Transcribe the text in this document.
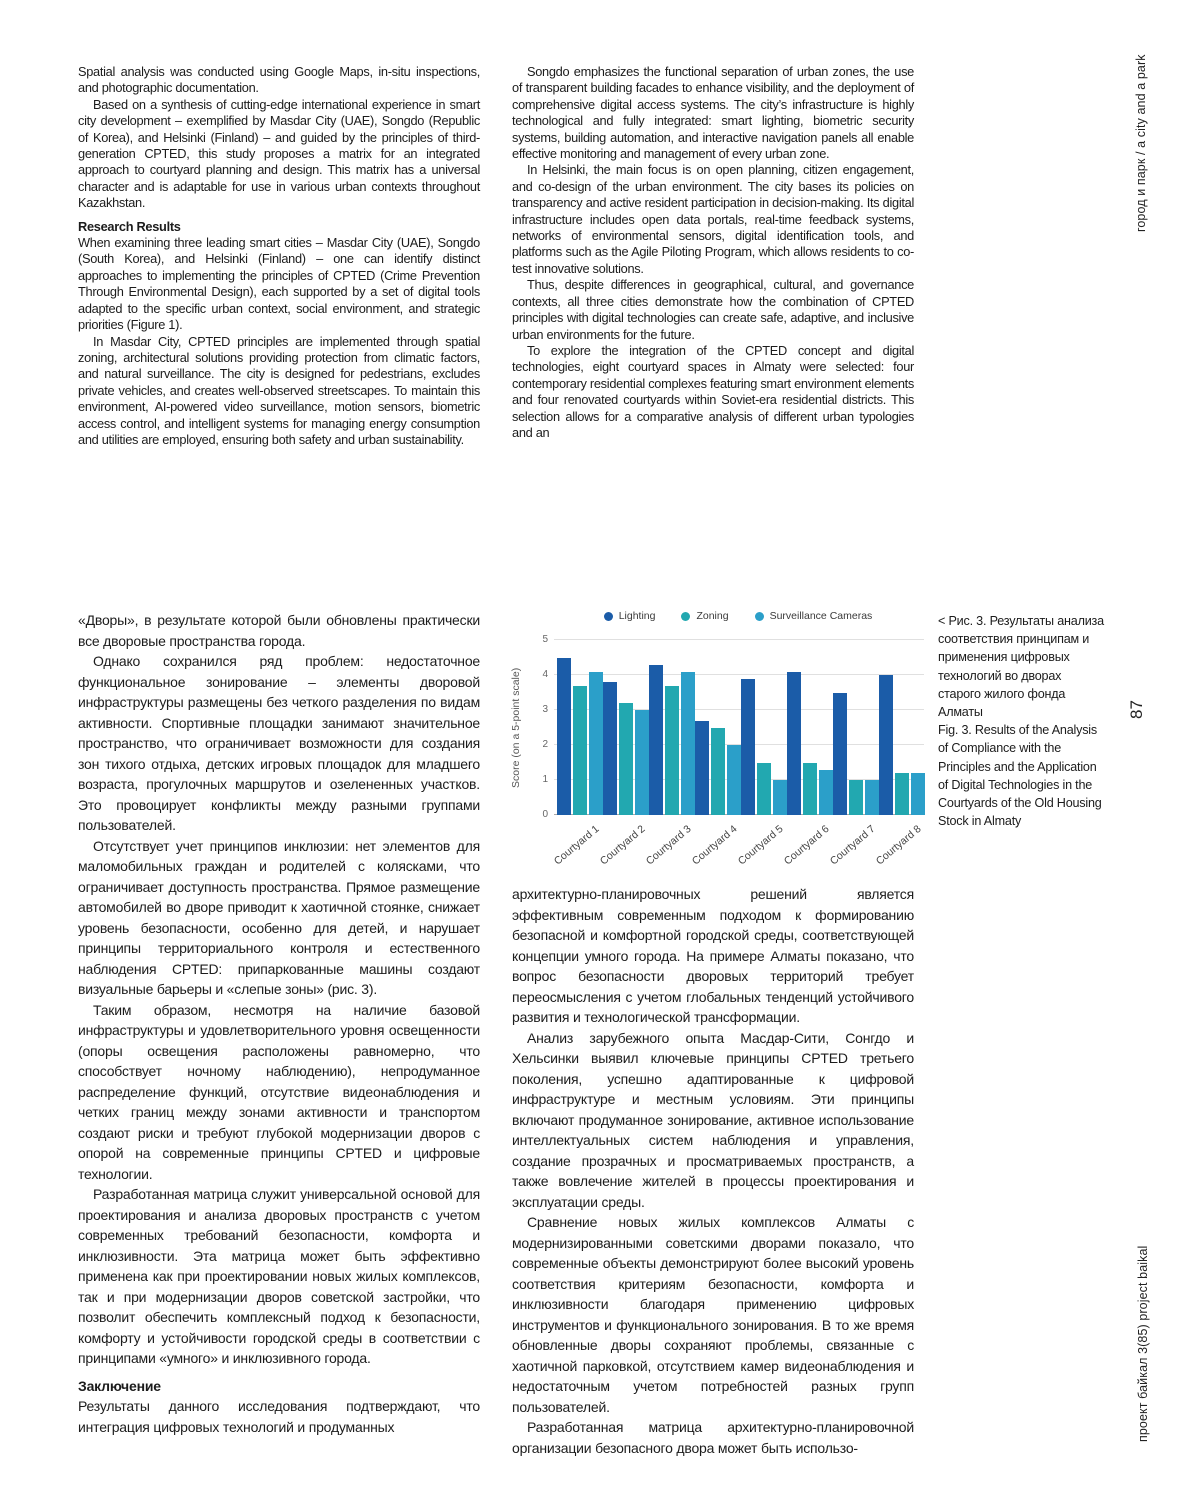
Spatial analysis was conducted using Google Maps, in-situ inspections, and photographic documentation.

Based on a synthesis of cutting-edge international experience in smart city development – exemplified by Masdar City (UAE), Songdo (Republic of Korea), and Helsinki (Finland) – and guided by the principles of third-generation CPTED, this study proposes a matrix for an integrated approach to courtyard planning and design. This matrix has a universal character and is adaptable for use in various urban contexts throughout Kazakhstan.

Research Results

When examining three leading smart cities – Masdar City (UAE), Songdo (South Korea), and Helsinki (Finland) – one can identify distinct approaches to implementing the principles of CPTED (Crime Prevention Through Environmental Design), each supported by a set of digital tools adapted to the specific urban context, social environment, and strategic priorities (Figure 1).

In Masdar City, CPTED principles are implemented through spatial zoning, architectural solutions providing protection from climatic factors, and natural surveillance. The city is designed for pedestrians, excludes private vehicles, and creates well-observed streetscapes. To maintain this environment, AI-powered video surveillance, motion sensors, biometric access control, and intelligent systems for managing energy consumption and utilities are employed, ensuring both safety and urban sustainability.

Songdo emphasizes the functional separation of urban zones, the use of transparent building facades to enhance visibility, and the deployment of comprehensive digital access systems. The city’s infrastructure is highly technological and fully integrated: smart lighting, biometric security systems, building automation, and interactive navigation panels all enable effective monitoring and management of every urban zone.

In Helsinki, the main focus is on open planning, citizen engagement, and co-design of the urban environment. The city bases its policies on transparency and active resident participation in decision-making. Its digital infrastructure includes open data portals, real-time feedback systems, networks of environmental sensors, digital identification tools, and platforms such as the Agile Piloting Program, which allows residents to co-test innovative solutions.

Thus, despite differences in geographical, cultural, and governance contexts, all three cities demonstrate how the combination of CPTED principles with digital technologies can create safe, adaptive, and inclusive urban environments for the future.

To explore the integration of the CPTED concept and digital technologies, eight courtyard spaces in Almaty were selected: four contemporary residential complexes featuring smart environment elements and four renovated courtyards within Soviet-era residential districts. This selection allows for a comparative analysis of different urban typologies and an

«Дворы», в результате которой были обновлены практически все дворовые пространства города.

Однако сохранился ряд проблем: недостаточное функциональное зонирование – элементы дворовой инфраструктуры размещены без четкого разделения по видам активности. Спортивные площадки занимают значительное пространство, что ограничивает возможности для создания зон тихого отдыха, детских игровых площадок для младшего возраста, прогулочных маршрутов и озелененных участков. Это провоцирует конфликты между разными группами пользователей.

Отсутствует учет принципов инклюзии: нет элементов для маломобильных граждан и родителей с колясками, что ограничивает доступность пространства. Прямое размещение автомобилей во дворе приводит к хаотичной стоянке, снижает уровень безопасности, особенно для детей, и нарушает принципы территориального контроля и естественного наблюдения CPTED: припаркованные машины создают визуальные барьеры и «слепые зоны» (рис. 3).

Таким образом, несмотря на наличие базовой инфраструктуры и удовлетворительного уровня освещенности (опоры освещения расположены равномерно, что способствует ночному наблюдению), непродуманное распределение функций, отсутствие видеонаблюдения и четких границ между зонами активности и транспортом создают риски и требуют глубокой модернизации дворов с опорой на современные принципы CPTED и цифровые технологии.

Разработанная матрица служит универсальной основой для проектирования и анализа дворовых пространств с учетом современных требований безопасности, комфорта и инклюзивности. Эта матрица может быть эффективно применена как при проектировании новых жилых комплексов, так и при модернизации дворов советской застройки, что позволит обеспечить комплексный подход к безопасности, комфорту и устойчивости городской среды в соответствии с принципами «умного» и инклюзивного города.

Заключение

Результаты данного исследования подтверждают, что интеграция цифровых технологий и продуманных

Lighting	Zoning	Surveillance Cameras
Score (on a 5-point scale)
Courtyard 1
Courtyard 2
Courtyard 3
Courtyard 4
Courtyard 5
Courtyard 6
Courtyard 7
Courtyard 8
0
1
2
3
4
5

< Рис. 3. Результаты анализа соответствия принципам и применения цифровых технологий во дворах старого жилого фонда Алматы

Fig. 3. Results of the Analysis of Compliance with the Principles and the Application of Digital Technologies in the Courtyards of the Old Housing Stock in Almaty

архитектурно-планировочных решений является эффективным современным подходом к формированию безопасной и комфортной городской среды, соответствующей концепции умного города. На примере Алматы показано, что вопрос безопасности дворовых территорий требует переосмысления с учетом глобальных тенденций устойчивого развития и технологической трансформации.

Анализ зарубежного опыта Масдар-Сити, Сонгдо и Хельсинки выявил ключевые принципы CPTED третьего поколения, успешно адаптированные к цифровой инфраструктуре и местным условиям. Эти принципы включают продуманное зонирование, активное использование интеллектуальных систем наблюдения и управления, создание прозрачных и просматриваемых пространств, а также вовлечение жителей в процессы проектирования и эксплуатации среды.

Сравнение новых жилых комплексов Алматы с модернизированными советскими дворами показало, что современные объекты демонстрируют более высокий уровень соответствия критериям безопасности, комфорта и инклюзивности благодаря применению цифровых инструментов и функционального зонирования. В то же время обновленные дворы сохраняют проблемы, связанные с хаотичной парковкой, отсутствием камер видеонаблюдения и недостаточным учетом потребностей разных групп пользователей.

Разработанная матрица архитектурно-планировочной организации безопасного двора может быть использо-

город и парк / a city and a park
87
проект байкал 3(85) project baikal
